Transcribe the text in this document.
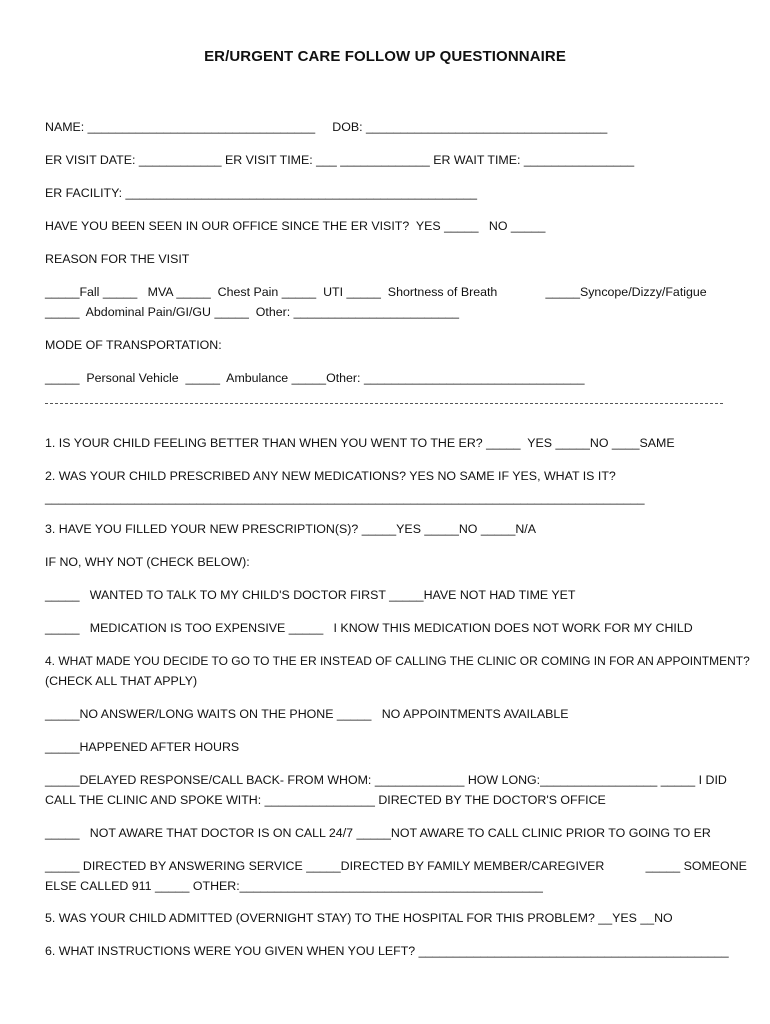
ER/URGENT CARE FOLLOW UP QUESTIONNAIRE
NAME: _________________________________     DOB: ___________________________________
ER VISIT DATE: ____________ ER VISIT TIME: ___ _____________ ER WAIT TIME: ________________
ER FACILITY: ___________________________________________________
HAVE YOU BEEN SEEN IN OUR OFFICE SINCE THE ER VISIT?  YES _____   NO _____
REASON FOR THE VISIT
_____Fall _____   MVA _____  Chest Pain _____  UTI _____  Shortness of Breath              _____Syncope/Dizzy/Fatigue
_____  Abdominal Pain/GI/GU _____  Other: ________________________
MODE OF TRANSPORTATION:
_____  Personal Vehicle  _____  Ambulance _____Other: ________________________________
1. IS YOUR CHILD FEELING BETTER THAN WHEN YOU WENT TO THE ER? _____  YES _____NO ____SAME
2. WAS YOUR CHILD PRESCRIBED ANY NEW MEDICATIONS? YES NO SAME IF YES, WHAT IS IT?
_______________________________________________________________________________________
3. HAVE YOU FILLED YOUR NEW PRESCRIPTION(S)? _____YES _____NO _____N/A
IF NO, WHY NOT (CHECK BELOW):
_____   WANTED TO TALK TO MY CHILD'S DOCTOR FIRST _____HAVE NOT HAD TIME YET
_____   MEDICATION IS TOO EXPENSIVE _____   I KNOW THIS MEDICATION DOES NOT WORK FOR MY CHILD
4. WHAT MADE YOU DECIDE TO GO TO THE ER INSTEAD OF CALLING THE CLINIC OR COMING IN FOR AN APPOINTMENT?
(CHECK ALL THAT APPLY)
_____NO ANSWER/LONG WAITS ON THE PHONE _____   NO APPOINTMENTS AVAILABLE
_____HAPPENED AFTER HOURS
_____DELAYED RESPONSE/CALL BACK- FROM WHOM: _____________ HOW LONG:_________________ _____ I DID
CALL THE CLINIC AND SPOKE WITH: ________________ DIRECTED BY THE DOCTOR'S OFFICE
_____   NOT AWARE THAT DOCTOR IS ON CALL 24/7 _____NOT AWARE TO CALL CLINIC PRIOR TO GOING TO ER
_____ DIRECTED BY ANSWERING SERVICE _____DIRECTED BY FAMILY MEMBER/CAREGIVER            _____ SOMEONE
ELSE CALLED 911 _____ OTHER:____________________________________________
5. WAS YOUR CHILD ADMITTED (OVERNIGHT STAY) TO THE HOSPITAL FOR THIS PROBLEM? __YES __NO
6. WHAT INSTRUCTIONS WERE YOU GIVEN WHEN YOU LEFT? _____________________________________________
